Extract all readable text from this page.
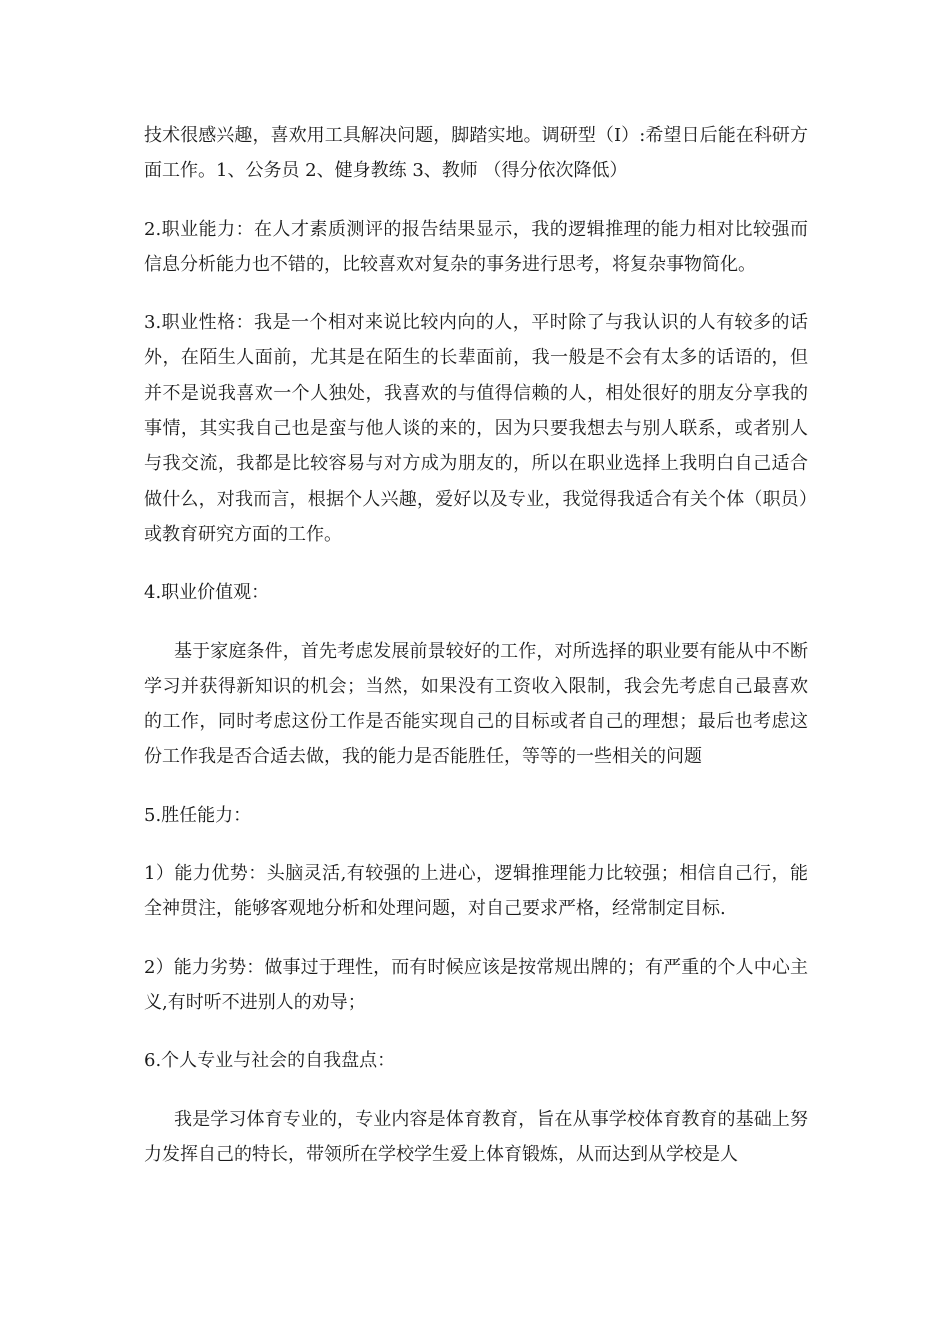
技术很感兴趣，喜欢用工具解决问题，脚踏实地。调研型（I）:希望日后能在科研方面工作。1、公务员 2、健身教练 3、教师 （得分依次降低）

2.职业能力：在人才素质测评的报告结果显示，我的逻辑推理的能力相对比较强而信息分析能力也不错的，比较喜欢对复杂的事务进行思考，将复杂事物简化。

3.职业性格：我是一个相对来说比较内向的人，平时除了与我认识的人有较多的话外，在陌生人面前，尤其是在陌生的长辈面前，我一般是不会有太多的话语的，但并不是说我喜欢一个人独处，我喜欢的与值得信赖的人，相处很好的朋友分享我的事情，其实我自己也是蛮与他人谈的来的，因为只要我想去与别人联系，或者别人与我交流，我都是比较容易与对方成为朋友的，所以在职业选择上我明白自己适合做什么，对我而言，根据个人兴趣，爱好以及专业，我觉得我适合有关个体（职员）或教育研究方面的工作。

4.职业价值观：

基于家庭条件，首先考虑发展前景较好的工作，对所选择的职业要有能从中不断学习并获得新知识的机会；当然，如果没有工资收入限制，我会先考虑自己最喜欢的工作，同时考虑这份工作是否能实现自己的目标或者自己的理想；最后也考虑这份工作我是否合适去做，我的能力是否能胜任，等等的一些相关的问题

5.胜任能力：

1）能力优势：头脑灵活,有较强的上进心，逻辑推理能力比较强；相信自己行，能全神贯注，能够客观地分析和处理问题，对自己要求严格，经常制定目标.

2）能力劣势：做事过于理性，而有时候应该是按常规出牌的；有严重的个人中心主义,有时听不进别人的劝导；

6.个人专业与社会的自我盘点：

我是学习体育专业的，专业内容是体育教育，旨在从事学校体育教育的基础上努力发挥自己的特长，带领所在学校学生爱上体育锻炼，从而达到从学校是人
